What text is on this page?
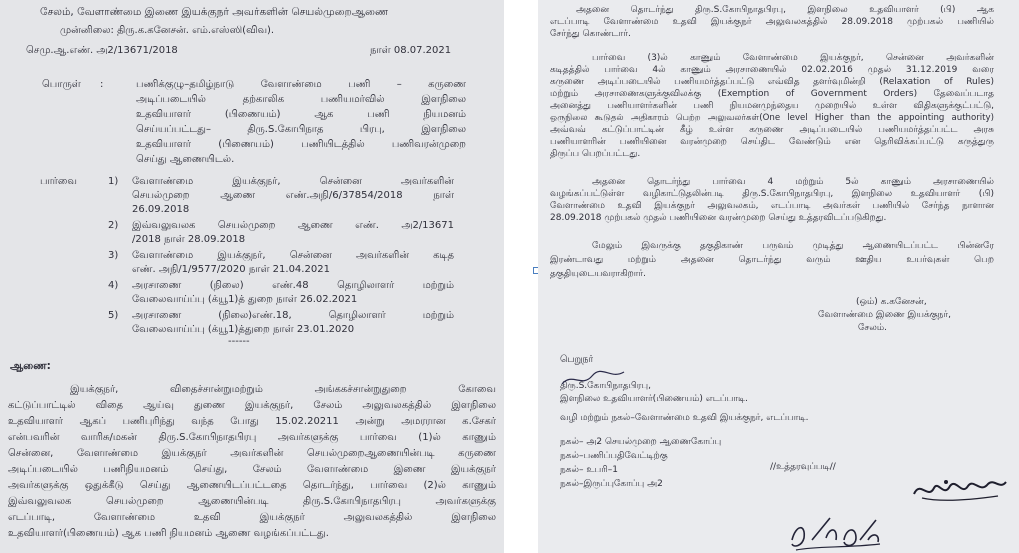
சேலம், வேளாண்மை இணை இயக்குநர் அவர்களின் செயல்முறைஆணை
முன்னிலை: திரு.க.கனேசன். எம்.எஸ்ஸி(விவ).
செமு.ஆ.எண். அ2/13671/2018	நாள் 08.07.2021
பொருள் :	பணிக்குழு–தமிழ்நாடு வேளாண்மை பணி – கருணை
அடிப்படையில் தற்காலிக பணியமர்வில் இளநிலை
உதவியாளர் (பிணையம்) ஆக பணி நியமனம்
செய்யப்பட்டது– திரு.S.கோபிநாத பிரபு, இளநிலை
உதவியாளர் (பிணையம்) பணியிடத்தில் பணிவரன்முறை
செய்து ஆணையிடல்.
பார்வை	1) வேளாண்மை இயக்குநர், சென்னை அவர்களின்
செயல்முறை ஆணை எண்.அநி/6/37854/2018 நாள்
26.09.2018
2) இவ்வலுவலக செயல்முறை ஆணை எண். அ2/13671
/2018 நாள் 28.09.2018
3) வேளாண்மை இயக்குநர், சென்னை அவர்களின் கடித
எண். அநி/1/9577/2020 நாள் 21.04.2021
4) அரசாணை (நிலை) எண்.48 தொழிலாளர் மற்றும்
வேலைவாய்ப்பு (க்யூ1)த் துறை நாள் 26.02.2021
5) அரசாணை (நிலை)எண்.18, தொழிலாளர் மற்றும்
வேலைவாய்ப்பு (க்யூ1)த்துறை நாள் 23.01.2020
------
ஆணை:
இயக்குநர், விதைச்சான்றுமற்றும் அங்ககச்சான்றுதுறை கோவை
கட்டுப்பாட்டில் விதை ஆய்வு துணை இயக்குநர், சேலம் அலுவலகத்தில் இளநிலை
உதவியாளர் ஆகப் பணிபுரிந்து வந்த போது 15.02.20211 அன்று அமரரான க.சேகர்
என்பவரின் வாரிசு/மகன் திரு.S.கோபிநாதபிரபு அவர்களுக்கு பார்வை (1)ல் காணும்
சென்னை, வேளாண்மை இயக்குநர் அவர்களின் செயல்முறைஆணையின்படி கருணை
அடிப்படையில் பணிநியமனம் செய்து, சேலம் வேளாண்மை இணை இயக்குநர்
அவர்களுக்கு ஒதுக்கீடு செய்து ஆணையிடப்பட்டதை தொடர்ந்து, பார்வை (2)ல் காணும்
இவ்வலுவலக செயல்முறை ஆணையின்படி திரு.S.கோபிநாதபிரபு அவர்களுக்கு
எடப்பாடி, வேளாண்மை உதவி இயக்குநர் அலுவலகத்தில் இளநிலை
உதவியாளர்(பிணையம்) ஆக பணி நியமனம் ஆணை வழங்கப்பட்டது.
அதனை தொடர்ந்து திரு.S.கோபிநாதபிரபு, இளநிலை உதவியாளர் (பி) ஆக
எடப்பாடி வேளாண்மை உதவி இயக்குநர் அலுவலகத்தில் 28.09.2018 முற்பகல் பணியில்
சேர்ந்து கொண்டார்.
பார்வை (3)ல் காணும் வேளாண்மை இயக்குநர், சென்னை அவர்களின்
கடிதத்தில் பார்வை 4ல் காணும் அரசாணையில் 02.02.2016 முதல் 31.12.2019 வரை
கருணை அடிப்படையில் பணியமர்த்தப்பட்டு எவ்வித தளர்வுமின்றி (Relaxation of Rules)
மற்றும் அரசாணைகளுக்குவிலக்கு (Exemption of Government Orders) தேவைப்படாத
அனைத்து பணியாளர்களின் பணி நியமனமுந்தைய முறையில் உள்ள விதிகளுக்குட்பட்டு,
ஒருநிலை கூடுதல் அதிகாரம் பெற்ற அலுவலர்கள்(One level Higher than the appointing authority)
அவ்வவ் கட்டுப்பாட்டின் கீழ் உள்ள கருணை அடிப்படையில் பணியமர்த்தப்பட்ட அரசு
பணியாளரின் பணியினை வரன்முறை செய்திட வேண்டும் என தெரிவிக்கப்பட்டு கருத்துரு
திருப்ப பெறப்பட்டது.
அதனை தொடர்ந்து பார்வை 4 மற்றும் 5ல் காணும் அரசாணையில்
வழங்கப்பட்டுள்ள வழிகாட்டுதலின்படி திரு.S.கோபிநாதபிரபு, இளநிலை உதவியாளர் (பி)
வேளாண்மை உதவி இயக்குநர் அலுவலகம், எடப்பாடி அவர்கள் பணியில் சேர்ந்த நாளான
28.09.2018 முற்பகல் முதல் பணியினை வரன்முறை செய்து உத்தரவிடப்படுகிறது.
மேலும் இவருக்கு தகுதிகாண் பருவம் முடித்து ஆணையிடப்பட்ட பின்னரே
இரண்டாவது மற்றும் அதனை தொடர்ந்து வரும் ஊதிய உயர்வுகள் பெற
தகுதியுடையவராகிறார்.
(ஒம்) க.கனேசன்,
வேளாண்மை இணை இயக்குநர்,
சேலம்.
பெறுநர்
திரு.S.கோபிநாதபிரபு,
இளநிலை உதவியாளர்(பிணையம்) எடப்பாடி.
வழி மற்றும் நகல்–வேளாண்மை உதவி இயக்குநர், எடப்பாடி.
நகல்– அ2 செயல்முறை ஆணைகோப்பு
நகல்–பணிப்பதிவேட்டிற்கு
நகல்– உபரி–1
நகல்–இருப்புகோப்பு அ2
//உத்தரவுப்படி//
